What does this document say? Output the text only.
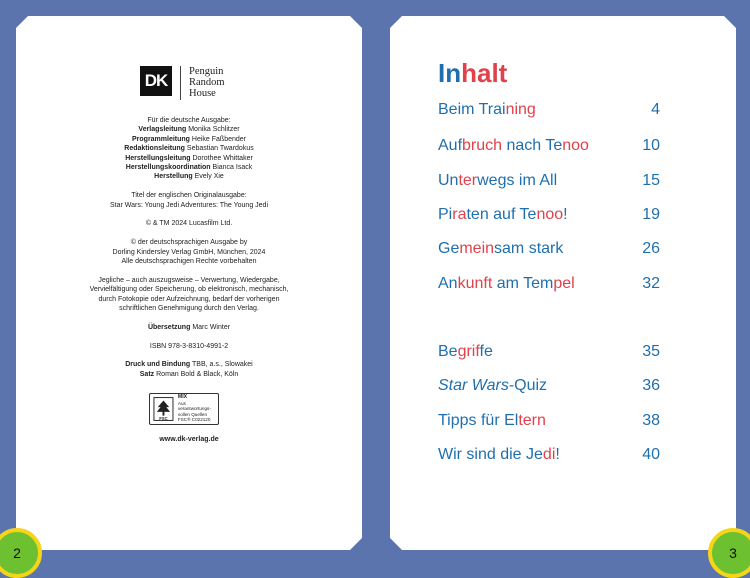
DK	Penguin
Random
House

Für die deutsche Ausgabe:

Verlagsleitung Monika Schlitzer

Programmleitung Heike Faßbender

Redaktionsleitung Sebastian Twardokus

Herstellungsleitung Dorothee Whittaker

Herstellungskoordination Bianca Isack

Herstellung Evely Xie

Titel der englischen Originalausgabe:

Star Wars: Young Jedi Adventures: The Young Jedi

© & TM 2024 Lucasfilm Ltd.

© der deutschsprachigen Ausgabe by

Dorling Kindersley Verlag GmbH, München, 2024

Alle deutschsprachigen Rechte vorbehalten

Jegliche – auch auszugsweise – Verwertung, Wiedergabe,

Vervielfältigung oder Speicherung, ob elektronisch, mechanisch,

durch Fotokopie oder Aufzeichnung, bedarf der vorherigen

schriftlichen Genehmigung durch den Verlag.

Übersetzung Marc Winter

ISBN 978-3-8310-4991-2

Druck und Bindung TBB, a.s., Slowakei

Satz Roman Bold & Black, Köln

FSC
MIX
Aus verantwortungs-
vollen Quellen
FSC® C022120
www.dk-verlag.de
Inhalt
Beim Training	4
Aufbruch nach Tenoo	10
Unterwegs im All	15
Piraten auf Tenoo!	19
Gemeinsam stark	26
Ankunft am Tempel	32
Begriffe	35
Star Wars-Quiz	36
Tipps für Eltern	38
Wir sind die Jedi!	40
2	3
